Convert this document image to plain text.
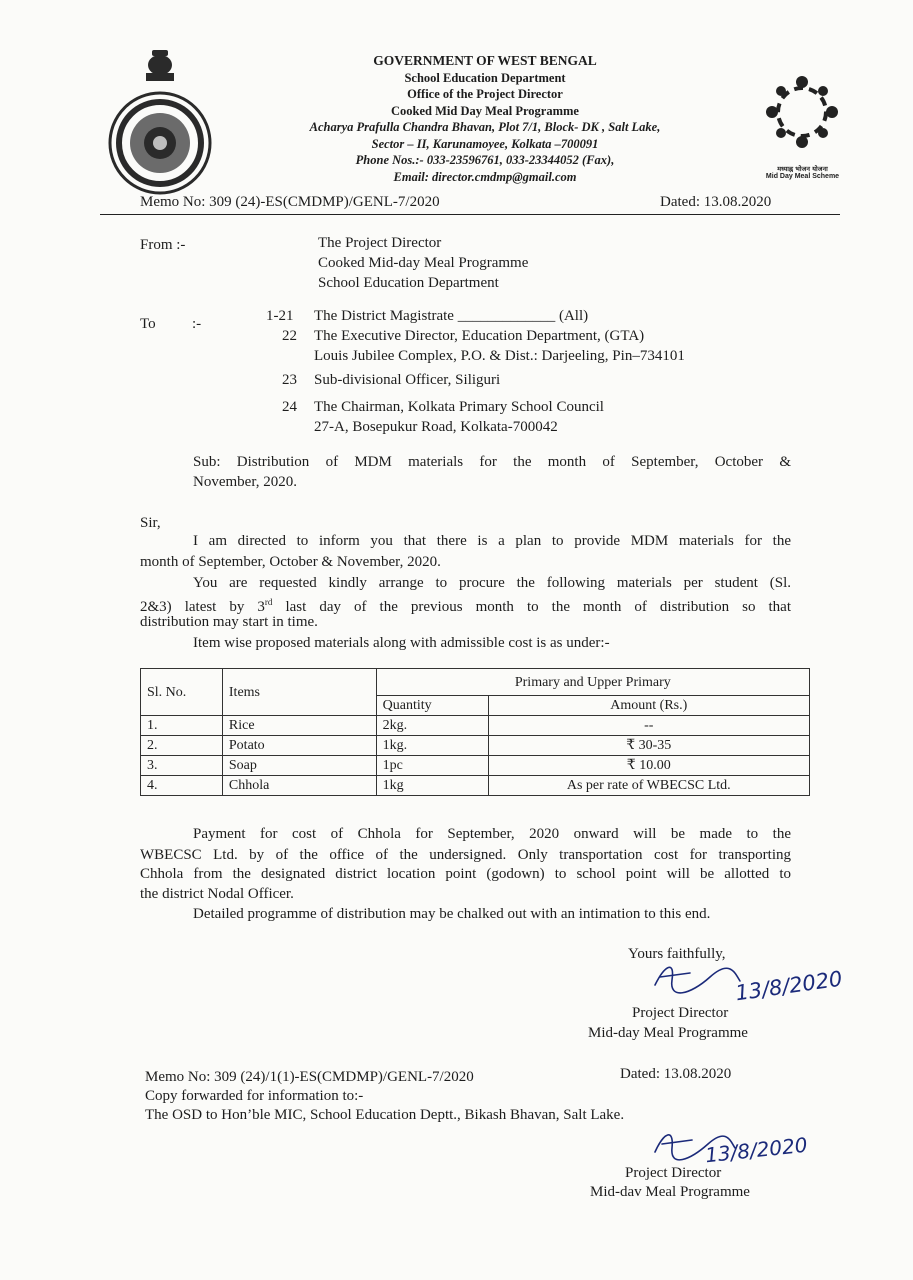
GOVERNMENT OF WEST BENGAL
School Education Department
Office of the Project Director
Cooked Mid Day Meal Programme
Acharya Prafulla Chandra Bhavan, Plot 7/1, Block- DK , Salt Lake,
Sector – II, Karunamoyee, Kolkata –700091
Phone Nos.:- 033-23596761, 033-23344052 (Fax),
Email: director.cmdmp@gmail.com
मध्याह्न भोजन योजना
Mid Day Meal Scheme
Memo No: 309 (24)-ES(CMDMP)/GENL-7/2020	Dated: 13.08.2020
From :-	The Project Director
Cooked Mid-day Meal Programme
School Education Department
To :-	1-21 The District Magistrate _____________ (All)
22 The Executive Director, Education Department, (GTA)
Louis Jubilee Complex, P.O. & Dist.: Darjeeling, Pin–734101
23 Sub-divisional Officer, Siliguri
24 The Chairman, Kolkata Primary School Council
27-A, Bosepukur Road, Kolkata-700042
Sub: Distribution of MDM materials for the month of September, October &
November, 2020.
Sir,
I am directed to inform you that there is a plan to provide MDM materials for the
month of September, October & November, 2020.
You are requested kindly arrange to procure the following materials per student (Sl.
2&3) latest by 3rd last day of the previous month to the month of distribution so that
distribution may start in time.
Item wise proposed materials along with admissible cost is as under:-
Sl. No.	Items	Primary and Upper Primary	
		Quantity	Amount (Rs.)
1.	Rice	2kg.	--
2.	Potato	1kg.	₹ 30-35
3.	Soap	1pc	₹ 10.00
4.	Chhola	1kg	As per rate of WBECSC Ltd.
Payment for cost of Chhola for September, 2020 onward will be made to the
WBECSC Ltd. by of the office of the undersigned. Only transportation cost for transporting
Chhola from the designated district location point (godown) to school point will be allotted to
the district Nodal Officer.
Detailed programme of distribution may be chalked out with an intimation to this end.
Yours faithfully,
13/8/2020
Project Director
Mid-day Meal Programme
Memo No: 309 (24)/1(1)-ES(CMDMP)/GENL-7/2020	Dated: 13.08.2020
Copy forwarded for information to:-
The OSD to Hon’ble MIC, School Education Deptt., Bikash Bhavan, Salt Lake.
13/8/2020
Project Director
Mid-dav Meal Programme
